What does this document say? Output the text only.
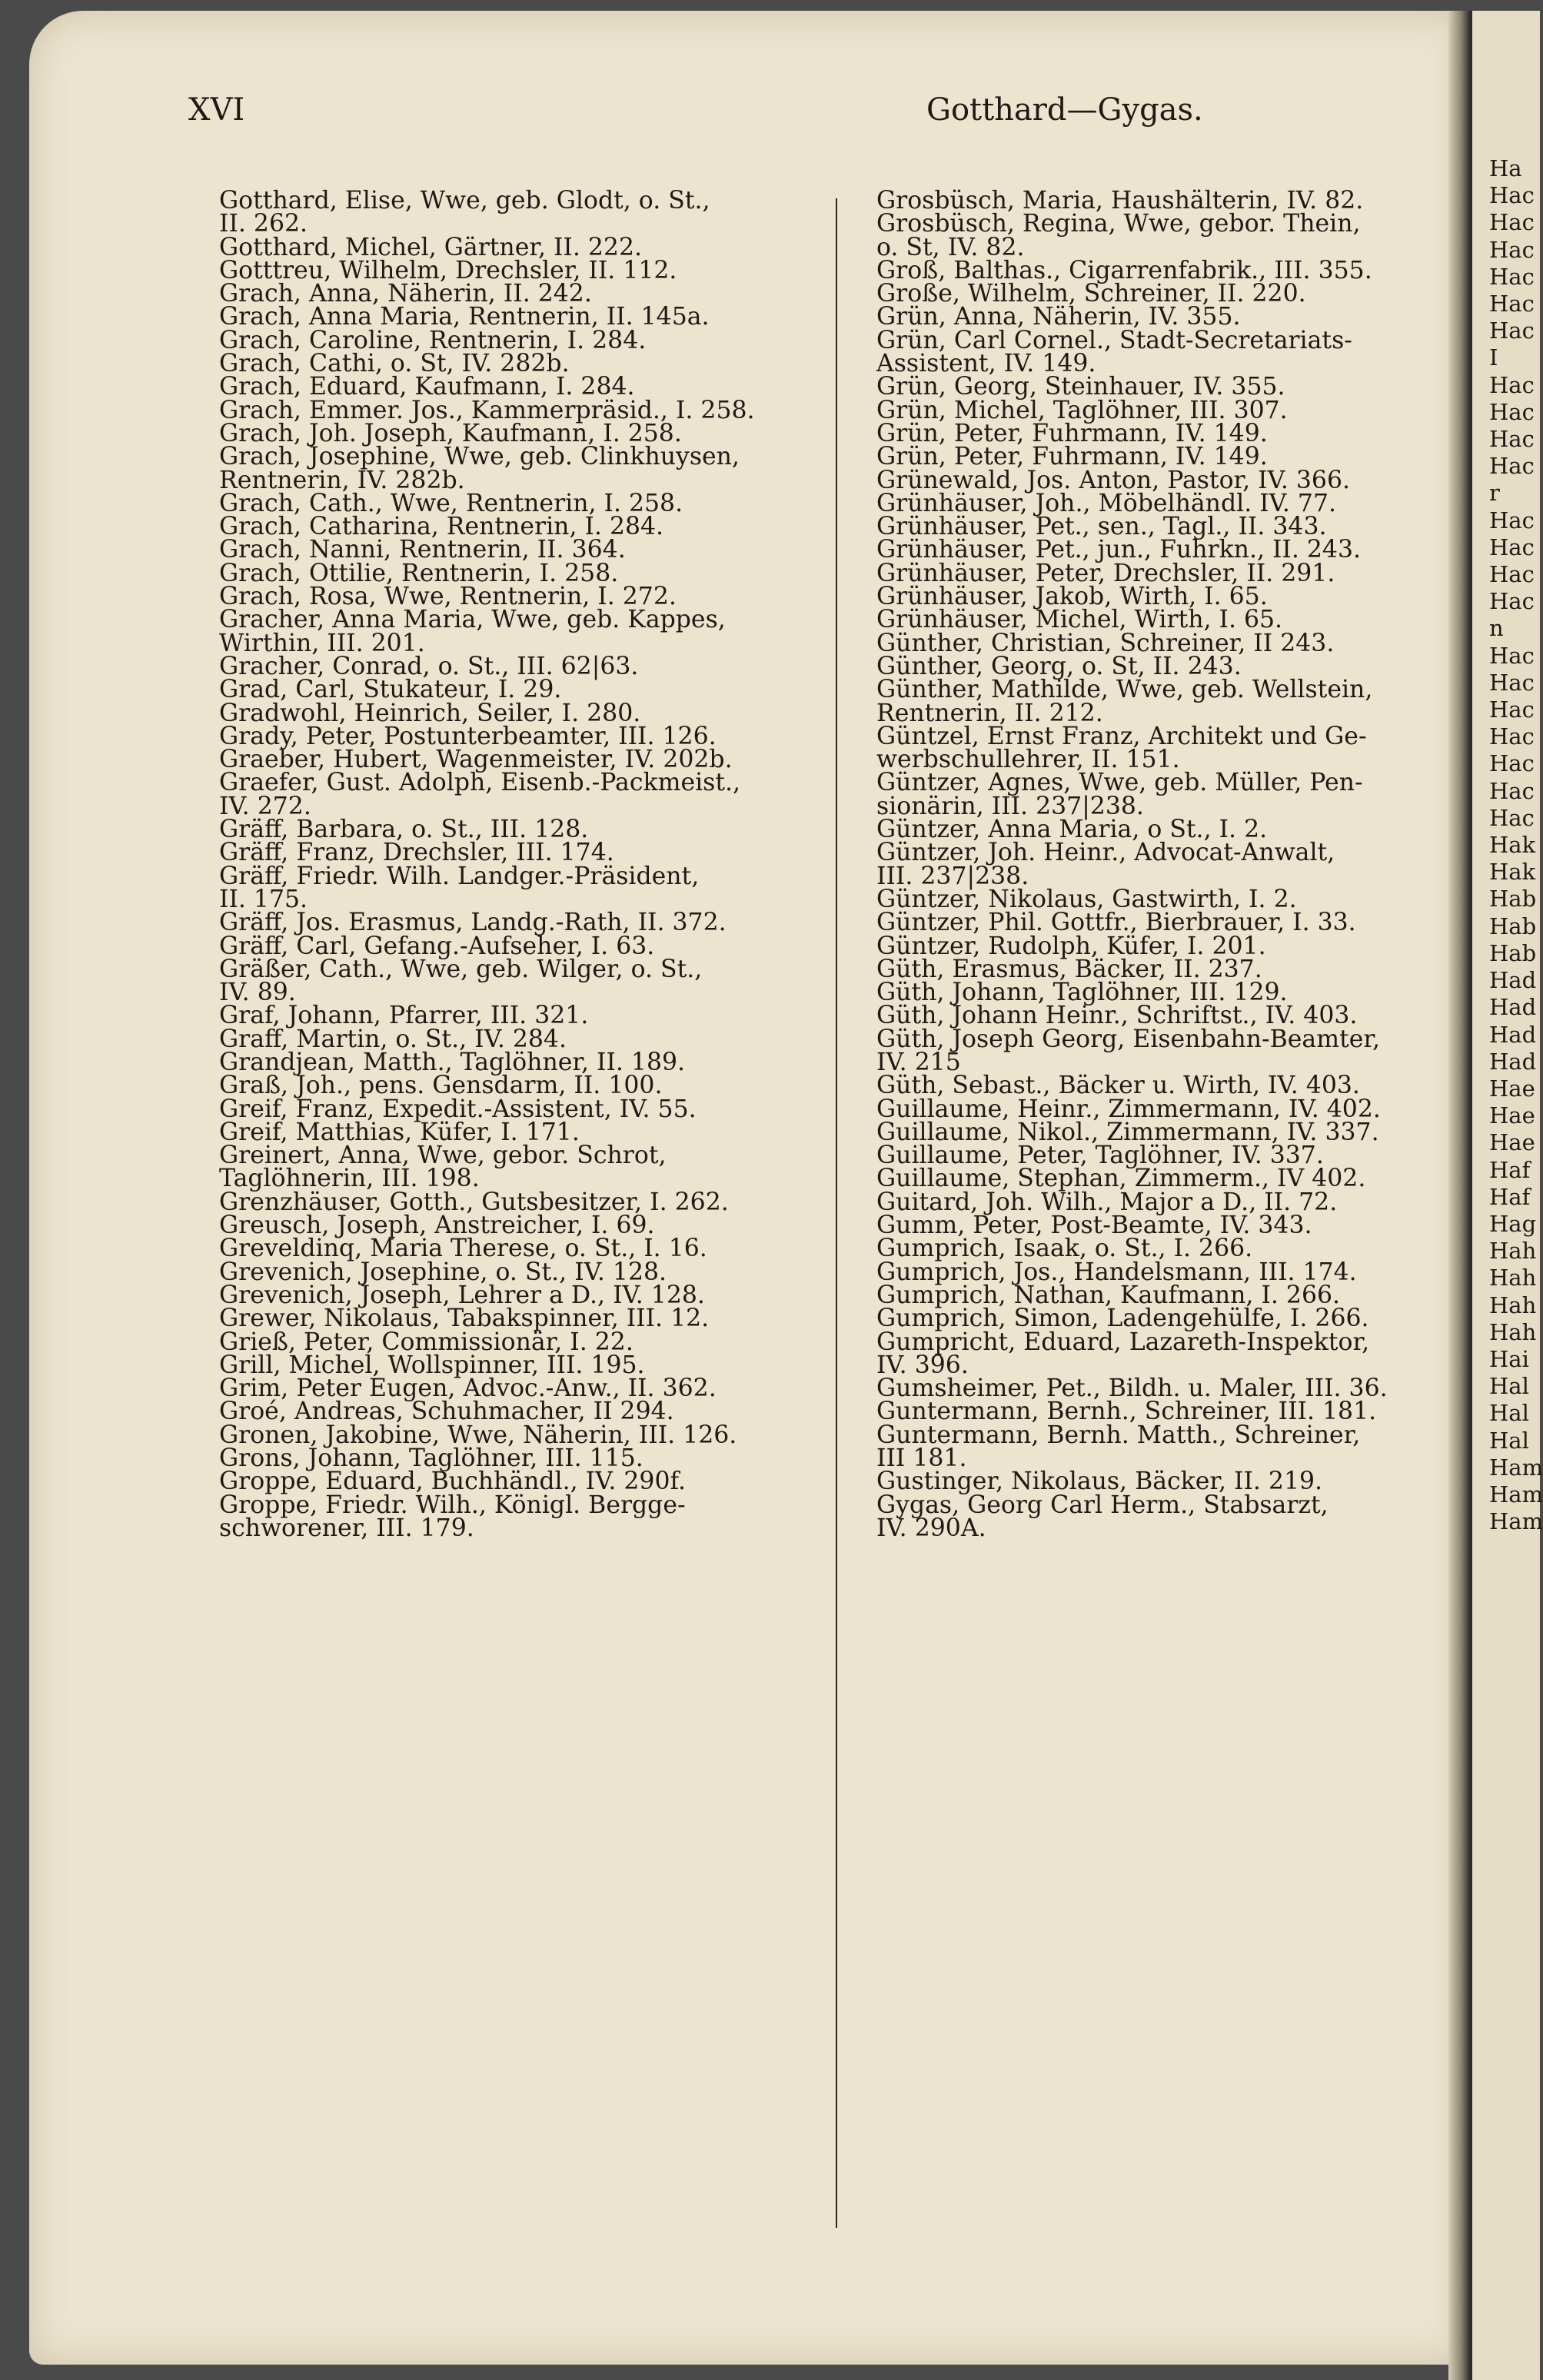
Ha
Hac
Hac
Hac
Hac
Hac
Hac
I
Hac
Hac
Hac
Hac
r
Hac
Hac
Hac
Hac
n
Hac
Hac
Hac
Hac
Hac
Hac
Hac
Hak
Hak
Hab
Hab
Hab
Had
Had
Had
Had
Hae
Hae
Hae
Haf
Haf
Hag
Hah
Hah
Hah
Hah
Hai
Hal
Hal
Hal
Ham
Ham
Ham
XVI	Gotthard—Gygas.
Gotthard, Elise, Wwe, geb. Glodt, o. St.,
II. 262.
Gotthard, Michel, Gärtner, II. 222.
Gotttreu, Wilhelm, Drechsler, II. 112.
Grach, Anna, Näherin, II. 242.
Grach, Anna Maria, Rentnerin, II. 145a.
Grach, Caroline, Rentnerin, I. 284.
Grach, Cathi, o. St, IV. 282b.
Grach, Eduard, Kaufmann, I. 284.
Grach, Emmer. Jos., Kammerpräsid., I. 258.
Grach, Joh. Joseph, Kaufmann, I. 258.
Grach, Josephine, Wwe, geb. Clinkhuysen,
Rentnerin, IV. 282b.
Grach, Cath., Wwe, Rentnerin, I. 258.
Grach, Catharina, Rentnerin, I. 284.
Grach, Nanni, Rentnerin, II. 364.
Grach, Ottilie, Rentnerin, I. 258.
Grach, Rosa, Wwe, Rentnerin, I. 272.
Gracher, Anna Maria, Wwe, geb. Kappes,
Wirthin, III. 201.
Gracher, Conrad, o. St., III. 62|63.
Grad, Carl, Stukateur, I. 29.
Gradwohl, Heinrich, Seiler, I. 280.
Grady, Peter, Postunterbeamter, III. 126.
Graeber, Hubert, Wagenmeister, IV. 202b.
Graefer, Gust. Adolph, Eisenb.-Packmeist.,
IV. 272.
Gräff, Barbara, o. St., III. 128.
Gräff, Franz, Drechsler, III. 174.
Gräff, Friedr. Wilh. Landger.-Präsident,
II. 175.
Gräff, Jos. Erasmus, Landg.-Rath, II. 372.
Gräff, Carl, Gefang.-Aufseher, I. 63.
Gräßer, Cath., Wwe, geb. Wilger, o. St.,
IV. 89.
Graf, Johann, Pfarrer, III. 321.
Graff, Martin, o. St., IV. 284.
Grandjean, Matth., Taglöhner, II. 189.
Graß, Joh., pens. Gensdarm, II. 100.
Greif, Franz, Expedit.-Assistent, IV. 55.
Greif, Matthias, Küfer, I. 171.
Greinert, Anna, Wwe, gebor. Schrot,
Taglöhnerin, III. 198.
Grenzhäuser, Gotth., Gutsbesitzer, I. 262.
Greusch, Joseph, Anstreicher, I. 69.
Greveldinq, Maria Therese, o. St., I. 16.
Grevenich, Josephine, o. St., IV. 128.
Grevenich, Joseph, Lehrer a D., IV. 128.
Grewer, Nikolaus, Tabakspinner, III. 12.
Grieß, Peter, Commissionär, I. 22.
Grill, Michel, Wollspinner, III. 195.
Grim, Peter Eugen, Advoc.-Anw., II. 362.
Groé, Andreas, Schuhmacher, II 294.
Gronen, Jakobine, Wwe, Näherin, III. 126.
Grons, Johann, Taglöhner, III. 115.
Groppe, Eduard, Buchhändl., IV. 290f.
Groppe, Friedr. Wilh., Königl. Bergge-
schworener, III. 179.
Grosbüsch, Maria, Haushälterin, IV. 82.
Grosbüsch, Regina, Wwe, gebor. Thein,
o. St, IV. 82.
Groß, Balthas., Cigarrenfabrik., III. 355.
Große, Wilhelm, Schreiner, II. 220.
Grün, Anna, Näherin, IV. 355.
Grün, Carl Cornel., Stadt-Secretariats-
Assistent, IV. 149.
Grün, Georg, Steinhauer, IV. 355.
Grün, Michel, Taglöhner, III. 307.
Grün, Peter, Fuhrmann, IV. 149.
Grün, Peter, Fuhrmann, IV. 149.
Grünewald, Jos. Anton, Pastor, IV. 366.
Grünhäuser, Joh., Möbelhändl. IV. 77.
Grünhäuser, Pet., sen., Tagl., II. 343.
Grünhäuser, Pet., jun., Fuhrkn., II. 243.
Grünhäuser, Peter, Drechsler, II. 291.
Grünhäuser, Jakob, Wirth, I. 65.
Grünhäuser, Michel, Wirth, I. 65.
Günther, Christian, Schreiner, II 243.
Günther, Georg, o. St, II. 243.
Günther, Mathilde, Wwe, geb. Wellstein,
Rentnerin, II. 212.
Güntzel, Ernst Franz, Architekt und Ge-
werbschullehrer, II. 151.
Güntzer, Agnes, Wwe, geb. Müller, Pen-
sionärin, III. 237|238.
Güntzer, Anna Maria, o St., I. 2.
Güntzer, Joh. Heinr., Advocat-Anwalt,
III. 237|238.
Güntzer, Nikolaus, Gastwirth, I. 2.
Güntzer, Phil. Gottfr., Bierbrauer, I. 33.
Güntzer, Rudolph, Küfer, I. 201.
Güth, Erasmus, Bäcker, II. 237.
Güth, Johann, Taglöhner, III. 129.
Güth, Johann Heinr., Schriftst., IV. 403.
Güth, Joseph Georg, Eisenbahn-Beamter,
IV. 215
Güth, Sebast., Bäcker u. Wirth, IV. 403.
Guillaume, Heinr., Zimmermann, IV. 402.
Guillaume, Nikol., Zimmermann, IV. 337.
Guillaume, Peter, Taglöhner, IV. 337.
Guillaume, Stephan, Zimmerm., IV 402.
Guitard, Joh. Wilh., Major a D., II. 72.
Gumm, Peter, Post-Beamte, IV. 343.
Gumprich, Isaak, o. St., I. 266.
Gumprich, Jos., Handelsmann, III. 174.
Gumprich, Nathan, Kaufmann, I. 266.
Gumprich, Simon, Ladengehülfe, I. 266.
Gumpricht, Eduard, Lazareth-Inspektor,
IV. 396.
Gumsheimer, Pet., Bildh. u. Maler, III. 36.
Guntermann, Bernh., Schreiner, III. 181.
Guntermann, Bernh. Matth., Schreiner,
III 181.
Gustinger, Nikolaus, Bäcker, II. 219.
Gygas, Georg Carl Herm., Stabsarzt,
IV. 290A.
